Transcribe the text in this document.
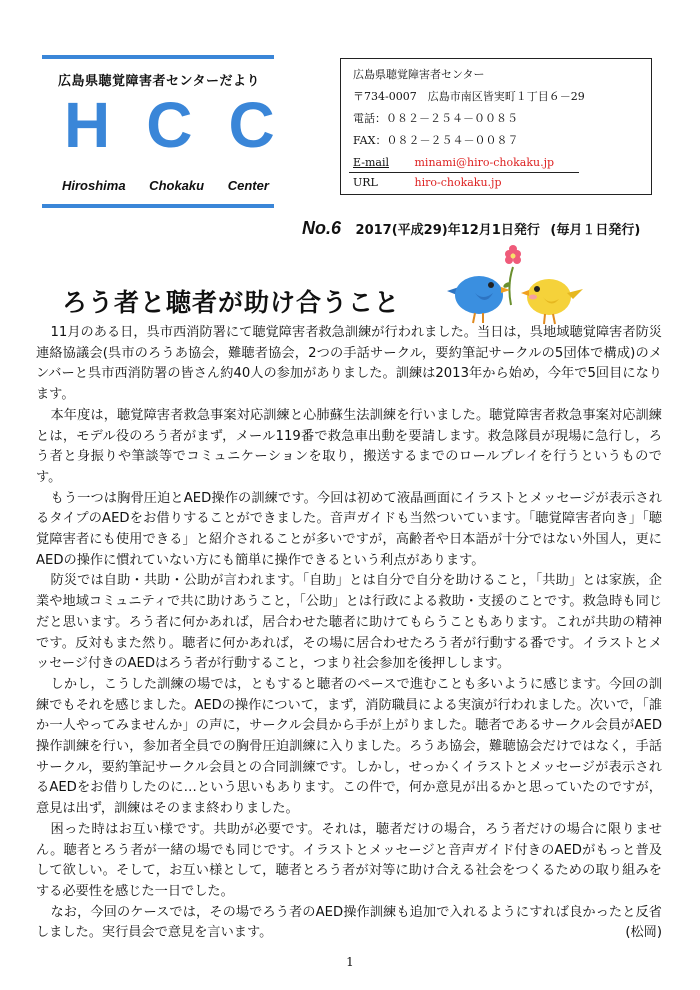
広島県聴覚障害者センターだより
HCC
Hiroshima Chokaku Center
広島県聴覚障害者センター
〒734-0007　広島市南区皆実町１丁目６－29
電話：０８２－２５４－００８５
FAX：０８２－２５４－００８７
E-mail minami@hiro-chokaku.jp
URL	hiro-chokaku.jp
No.6 2017(平成29)年12月1日発行 (毎月１日発行)
ろう者と聴者が助け合うこと

11月のある日，呉市西消防署にて聴覚障害者救急訓練が行われました。当日は，呉地域聴覚障害者防災連絡協議会(呉市のろうあ協会，難聴者協会，2つの手話サークル，要約筆記サークルの5団体で構成)のメンバーと呉市西消防署の皆さん約40人の参加がありました。訓練は2013年から始め，今年で5回目になります。

本年度は，聴覚障害者救急事案対応訓練と心肺蘇生法訓練を行いました。聴覚障害者救急事案対応訓練とは，モデル役のろう者がまず，メール119番で救急車出動を要請します。救急隊員が現場に急行し，ろう者と身振りや筆談等でコミュニケーションを取り，搬送するまでのロールプレイを行うというものです。

もう一つは胸骨圧迫とAED操作の訓練です。今回は初めて液晶画面にイラストとメッセージが表示されるタイプのAEDをお借りすることができました。音声ガイドも当然ついています。「聴覚障害者向き」「聴覚障害者にも使用できる」と紹介されることが多いですが，高齢者や日本語が十分ではない外国人，更にAEDの操作に慣れていない方にも簡単に操作できるという利点があります。

防災では自助・共助・公助が言われます。「自助」とは自分で自分を助けること，「共助」とは家族，企業や地域コミュニティで共に助けあうこと，「公助」とは行政による救助・支援のことです。救急時も同じだと思います。ろう者に何かあれば，居合わせた聴者に助けてもらうこともあります。これが共助の精神です。反対もまた然り。聴者に何かあれば，その場に居合わせたろう者が行動する番です。イラストとメッセージ付きのAEDはろう者が行動すること，つまり社会参加を後押しします。

しかし，こうした訓練の場では，ともすると聴者のペースで進むことも多いように感じます。今回の訓練でもそれを感じました。AEDの操作について，まず，消防職員による実演が行われました。次いで，「誰か一人やってみませんか」の声に，サークル会員から手が上がりました。聴者であるサークル会員がAED操作訓練を行い，参加者全員での胸骨圧迫訓練に入りました。ろうあ協会，難聴協会だけではなく，手話サークル，要約筆記サークル会員との合同訓練です。しかし，せっかくイラストとメッセージが表示されるAEDをお借りしたのに…という思いもあります。この件で，何か意見が出るかと思っていたのですが，意見は出ず，訓練はそのまま終わりました。

困った時はお互い様です。共助が必要です。それは，聴者だけの場合，ろう者だけの場合に限りません。聴者とろう者が一緒の場でも同じです。イラストとメッセージと音声ガイド付きのAEDがもっと普及して欲しい。そして，お互い様として，聴者とろう者が対等に助け合える社会をつくるための取り組みをする必要性を感じた一日でした。

なお，今回のケースでは，その場でろう者のAED操作訓練も追加で入れるようにすれば良かったと反省しました。実行員会で意見を言います。	(松岡)

1
